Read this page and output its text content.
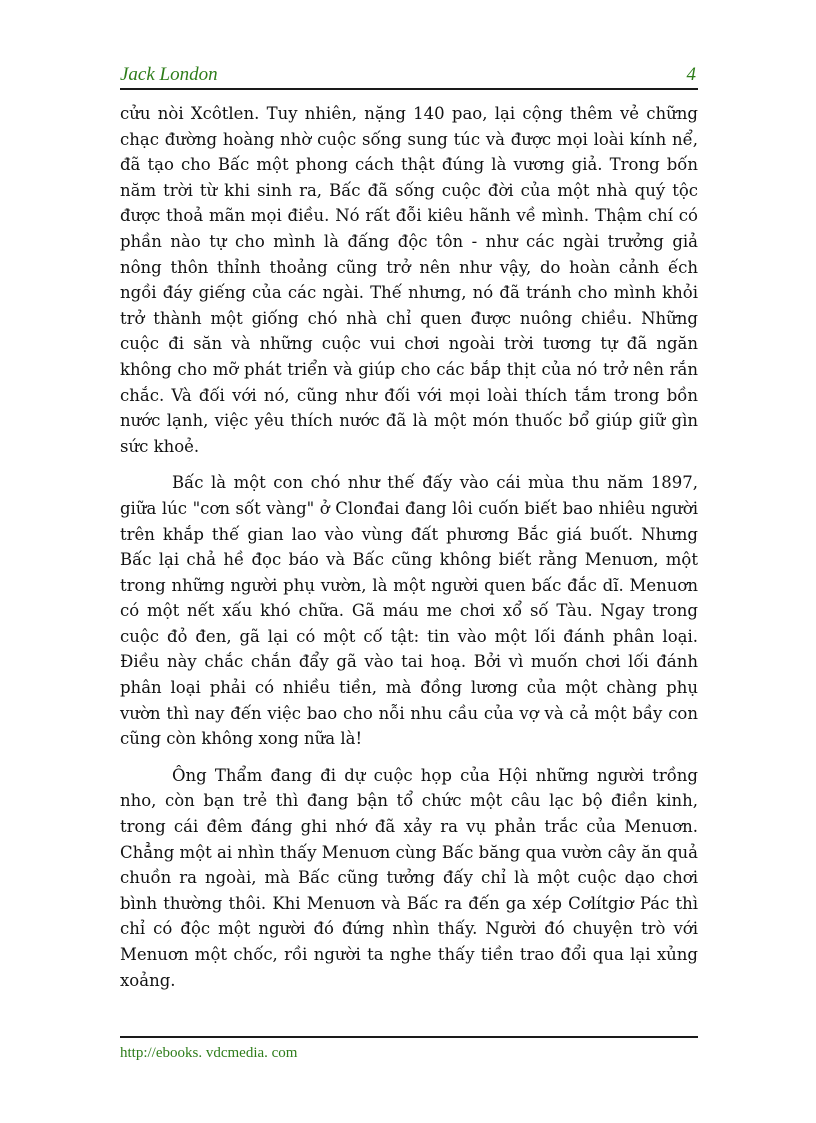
Jack London	4

cửu nòi Xcôtlen. Tuy nhiên, nặng 140 pao, lại cộng thêm vẻ chững chạc đường hoàng nhờ cuộc sống sung túc và được mọi loài kính nể, đã tạo cho Bấc một phong cách thật đúng là vương giả. Trong bốn năm trời từ khi sinh ra, Bấc đã sống cuộc đời của một nhà quý tộc được thoả mãn mọi điều. Nó rất đỗi kiêu hãnh về mình. Thậm chí có phần nào tự cho mình là đấng độc tôn - như các ngài trưởng giả nông thôn thỉnh thoảng cũng trở nên như vậy, do hoàn cảnh ếch ngồi đáy giếng của các ngài. Thế nhưng, nó đã tránh cho mình khỏi trở thành một giống chó nhà chỉ quen được nuông chiều. Những cuộc đi săn và những cuộc vui chơi ngoài trời tương tự đã ngăn không cho mỡ phát triển và giúp cho các bắp thịt của nó trở nên rắn chắc. Và đối với nó, cũng như đối với mọi loài thích tắm trong bồn nước lạnh, việc yêu thích nước đã là một món thuốc bổ giúp giữ gìn sức khoẻ.

Bấc là một con chó như thế đấy vào cái mùa thu năm 1897, giữa lúc "cơn sốt vàng" ở Clonđai đang lôi cuốn biết bao nhiêu người trên khắp thế gian lao vào vùng đất phương Bắc giá buốt. Nhưng Bấc lại chả hề đọc báo và Bấc cũng không biết rằng Menuơn, một trong những người phụ vườn, là một người quen bấc đắc dĩ. Menuơn có một nết xấu khó chữa. Gã máu me chơi xổ số Tàu. Ngay trong cuộc đỏ đen, gã lại có một cố tật: tin vào một lối đánh phân loại. Điều này chắc chắn đẩy gã vào tai hoạ. Bởi vì muốn chơi lối đánh phân loại phải có nhiều tiền, mà đồng lương của một chàng phụ vườn thì nay đến việc bao cho nỗi nhu cầu của vợ và cả một bầy con cũng còn không xong nữa là!

Ông Thẩm đang đi dự cuộc họp của Hội những người trồng nho, còn bạn trẻ thì đang bận tổ chức một câu lạc bộ điền kinh, trong cái đêm đáng ghi nhớ đã xảy ra vụ phản trắc của Menuơn. Chẳng một ai nhìn thấy Menuơn cùng Bấc băng qua vườn cây ăn quả chuồn ra ngoài, mà Bấc cũng tưởng đấy chỉ là một cuộc dạo chơi bình thường thôi. Khi Menuơn và Bấc ra đến ga xép Cơlítgiơ Pác thì chỉ có độc một người đó đứng nhìn thấy. Người đó chuyện trò với Menuơn một chốc, rồi người ta nghe thấy tiền trao đổi qua lại xủng xoảng.

http://ebooks. vdcmedia. com
